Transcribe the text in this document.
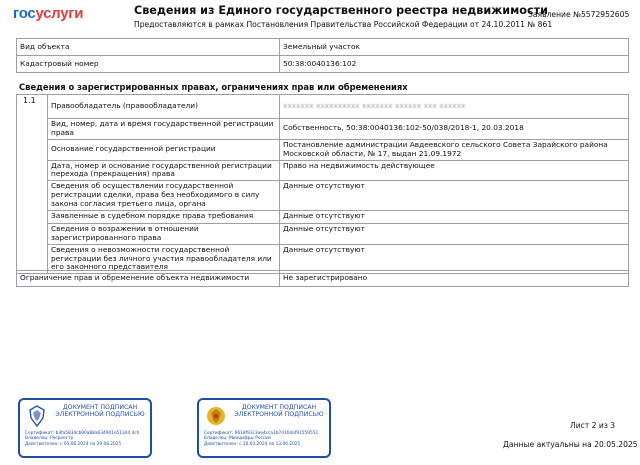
госуслуги	Сведения из Единого государственного реестра недвижимости
Предоставляются в рамках Постановления Правительства Российской Федерации от 24.10.2011 № 861
Заявление №5572952605
Вид объекта	Земельный участок
Кадастровый номер	50:38:0040136:102
Сведения о зарегистрированных правах, ограничениях прав или обременениях
1.1	Правообладатель (правообладатели)	ххххххх хххххххххх ххххххх хххххх ххх хххххх
	Вид, номер, дата и время государственной регистрации права	Собственность, 50:38:0040136:102-50/038/2018-1, 20.03.2018
	Основание государственной регистрации	Постановление администрации Авдеевского сельского Совета Зарайского района Московской области, № 17, выдан 21.09.1972
	Дата, номер и основание государственной регистрации перехода (прекращения) права	Право на недвижимость действующее
	Сведения об осуществлении государственной регистрации сделки, права без необходимого в силу закона согласия третьего лица, органа	Данные отсутствуют
	Заявленные в судебном порядке права требования	Данные отсутствуют
	Сведения о возражении в отношении зарегистрированного права	Данные отсутствуют
	Сведения о невозможности государственной регистрации без личного участия правообладателя или его законного представителя	Данные отсутствуют
Ограничение прав и обременение объекта недвижимости	Не зарегистрировано

ДОКУМЕНТ ПОДПИСАН ЭЛЕКТРОННОЙ ПОДПИСЬЮ
Сертификат: b3fa5834cb90a88a634901e51344 4ch
Владелец: Росреестр
Действителен: с 05.06.2024 по 29.08.2025
ДОКУМЕНТ ПОДПИСАН ЭЛЕКТРОННОЙ ПОДПИСЬЮ
Сертификат: 6618f93c3ae4cca1b7d164af91559551
Владелец: Минцифры России
Действителен: с 20.03.2024 по 13.06.2025
Лист 2 из 3
Данные актуальны на 20.05.2025
